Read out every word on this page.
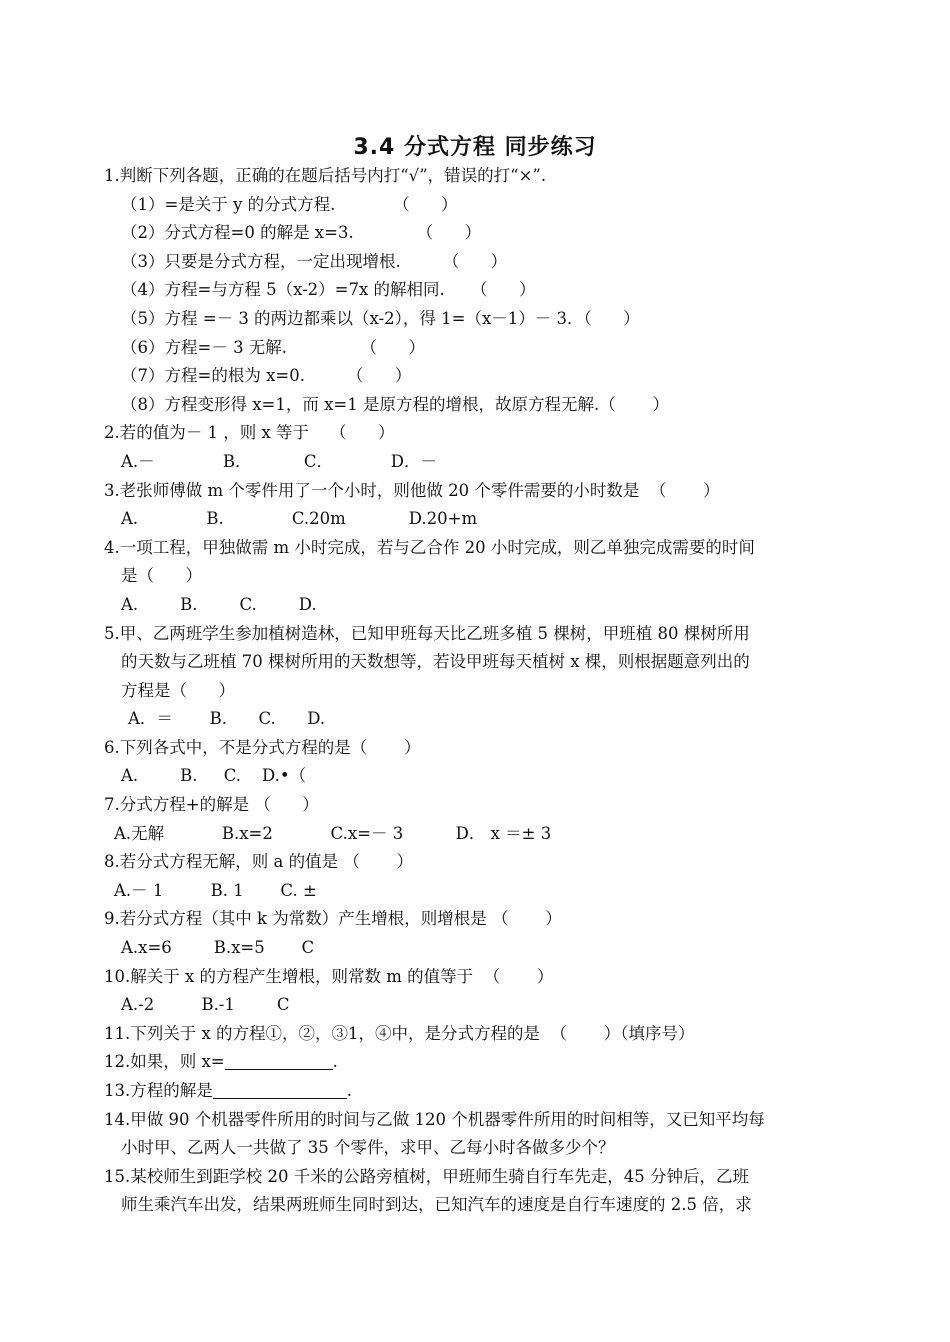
3.4 分式方程 同步练习
1.判断下列各题，正确的在题后括号内打“√”，错误的打“×”.
（1）=是关于 y 的分式方程.           （      ）
（2）分式方程=0 的解是 x=3.            （      ）
（3）只要是分式方程，一定出现增根.        （      ）
（4）方程=与方程 5（x-2）=7x 的解相同.     （      ）
（5）方程 =－ 3 的两边都乘以（x-2），得 1=（x－1）－ 3．（      ）
（6）方程=－ 3 无解.              （      ）
（7）方程=的根为 x=0.        （      ）
（8）方程变形得 x=1，而 x=1 是原方程的增根，故原方程无解.（       ）
2.若的值为－ 1 ，则 x 等于    （      ）
A.－             B．          C．           D．－
3.老张师傅做 m 个零件用了一个小时，则他做 20 个零件需要的小时数是  （       ）
A.             B.             C.20m            D.20+m
4.一项工程，甲独做需 m 小时完成，若与乙合作 20 小时完成，则乙单独完成需要的时间
是（      ）
A.        B.        C.        D.
5.甲、乙两班学生参加植树造林，已知甲班每天比乙班多植 5 棵树，甲班植 80 棵树所用
的天数与乙班植 70 棵树所用的天数想等，若设甲班每天植树 x 棵，则根据题意列出的
方程是（      ）
A．＝       B.      C.      D.
6.下列各式中，不是分式方程的是（       ）
A.        B.     C.    D.•（
7.分式方程+的解是 （      ）
A.无解           B.x=2           C.x=－ 3          D． x ＝± 3
8.若分式方程无解，则 a 的值是 （       ）
A.－ 1         B. 1       C. ±
9.若分式方程（其中 k 为常数）产生增根，则增根是 （       ）
A.x=6        B.x=5       C
10.解关于 x 的方程产生增根，则常数 m 的值等于  （       ）
A.-2         B.-1        C
11.下列关于 x 的方程①，②，③1，④中，是分式方程的是  （       ）（填序号）
12.如果，则 x=	.
13.方程的解是	.
14.甲做 90 个机器零件所用的时间与乙做 120 个机器零件所用的时间相等，又已知平均每
小时甲、乙两人一共做了 35 个零件，求甲、乙每小时各做多少个？
15.某校师生到距学校 20 千米的公路旁植树，甲班师生骑自行车先走，45 分钟后，乙班
师生乘汽车出发，结果两班师生同时到达，已知汽车的速度是自行车速度的 2.5 倍，求
